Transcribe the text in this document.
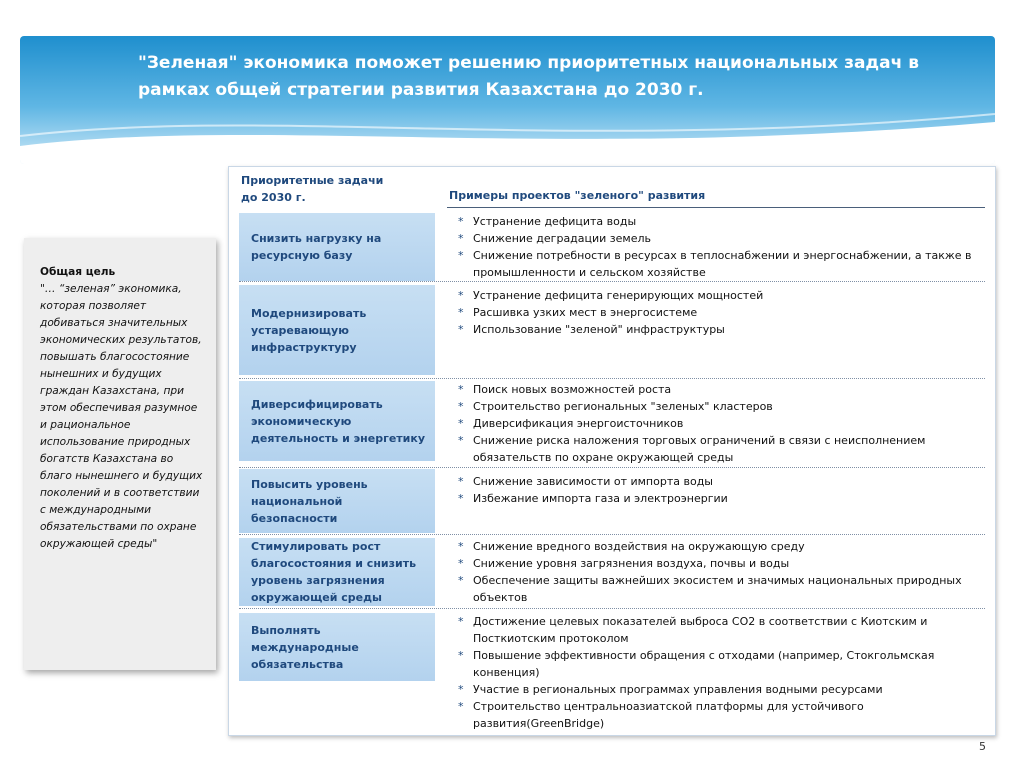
"Зеленая" экономика поможет решению приоритетных национальных задач в рамках общей стратегии развития Казахстана до 2030 г.
Общая цель
"… “зеленая” экономика, которая позволяет добиваться значительных экономических результатов, повышать благосостояние нынешних и будущих граждан Казахстана, при этом обеспечивая разумное и рациональное использование природных богатств Казахстана во благо нынешнего и будущих поколений и в соответствии с международными обязательствами по охране окружающей среды"
Приоритетные задачи до 2030 г.	Примеры проектов "зеленого" развития
Снизить нагрузку на ресурсную базу
* Устранение дефицита воды
* Снижение деградации земель
* Снижение потребности в ресурсах в теплоснабжении и энергоснабжении, а также в промышленности и сельском хозяйстве
Модернизировать устаревающую инфраструктуру
* Устранение дефицита генерирующих мощностей
* Расшивка узких мест в энергосистеме
* Использование "зеленой" инфраструктуры
Диверсифицировать экономическую деятельность и энергетику
* Поиск новых возможностей роста
* Строительство региональных "зеленых" кластеров
* Диверсификация энергоисточников
* Снижение риска наложения торговых ограничений в связи с неисполнением обязательств по охране окружающей среды
Повысить уровень национальной безопасности
* Снижение зависимости от импорта воды
* Избежание импорта газа и электроэнергии
Стимулировать рост благосостояния и снизить уровень загрязнения окружающей среды
* Снижение вредного воздействия на окружающую среду
* Снижение уровня загрязнения воздуха, почвы и воды
* Обеспечение защиты важнейших экосистем и значимых национальных природных объектов
Выполнять международные обязательства
* Достижение целевых показателей выброса CO2 в соответствии с Киотским и Посткиотским протоколом
* Повышение эффективности обращения с отходами (например, Стокгольмская конвенция)
* Участие в региональных программах управления водными ресурсами
* Строительство центральноазиатской платформы для устойчивого развития(GreenBridge)
5
